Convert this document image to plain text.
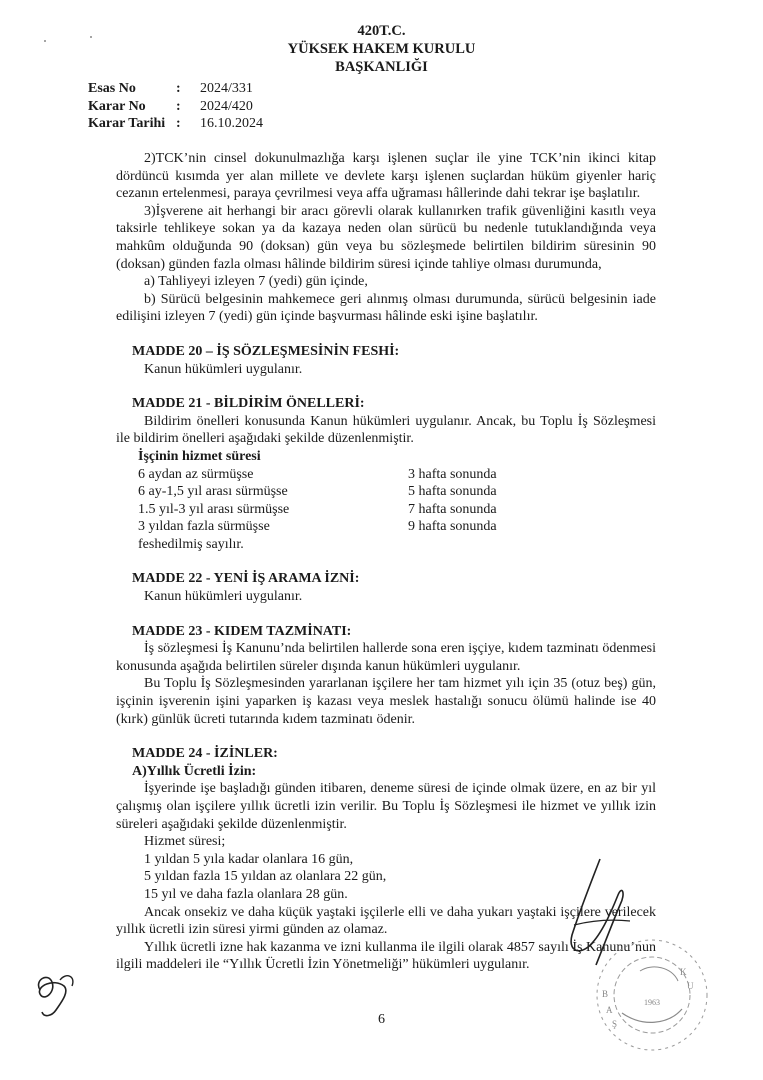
420T.C.
YÜKSEK HAKEM KURULU
BAŞKANLIĞI
Esas No	:	2024/331
Karar No	:	2024/420
Karar Tarihi :	16.10.2024

2)TCK’nin cinsel dokunulmazlığa karşı işlenen suçlar ile yine TCK’nin ikinci kitap dördüncü kısımda yer alan millete ve devlete karşı işlenen suçlardan hüküm giyenler hariç cezanın ertelenmesi, paraya çevrilmesi veya affa uğraması hâllerinde dahi tekrar işe başlatılır.

3)İşverene ait herhangi bir aracı görevli olarak kullanırken trafik güvenliğini kasıtlı veya taksirle tehlikeye sokan ya da kazaya neden olan sürücü bu nedenle tutuklandığında veya mahkûm olduğunda 90 (doksan) gün veya bu sözleşmede belirtilen bildirim süresinin 90 (doksan) günden fazla olması hâlinde bildirim süresi içinde tahliye olması durumunda,

a) Tahliyeyi izleyen 7 (yedi) gün içinde,

b) Sürücü belgesinin mahkemece geri alınmış olması durumunda, sürücü belgesinin iade edilişini izleyen 7 (yedi) gün içinde başvurması hâlinde eski işine başlatılır.

MADDE 20 – İŞ SÖZLEŞMESİNİN FESHİ:

Kanun hükümleri uygulanır.

MADDE 21 - BİLDİRİM ÖNELLERİ:

Bildirim önelleri konusunda Kanun hükümleri uygulanır. Ancak, bu Toplu İş Sözleşmesi ile bildirim önelleri aşağıdaki şekilde düzenlenmiştir.

İşçinin hizmet süresi
6 aydan az sürmüşse	3 hafta sonunda
6 ay-1,5 yıl arası sürmüşse	5 hafta sonunda
1.5 yıl-3 yıl arası sürmüşse	7 hafta sonunda
3 yıldan fazla sürmüşse	9 hafta sonunda
feshedilmiş sayılır.

MADDE 22 - YENİ İŞ ARAMA İZNİ:

Kanun hükümleri uygulanır.

MADDE 23 - KIDEM TAZMİNATI:

İş sözleşmesi İş Kanunu’nda belirtilen hallerde sona eren işçiye, kıdem tazminatı ödenmesi konusunda aşağıda belirtilen süreler dışında kanun hükümleri uygulanır.

Bu Toplu İş Sözleşmesinden yararlanan işçilere her tam hizmet yılı için 35 (otuz beş) gün, işçinin işverenin işini yaparken iş kazası veya meslek hastalığı sonucu ölümü halinde ise 40 (kırk) günlük ücreti tutarında kıdem tazminatı ödenir.

MADDE 24 - İZİNLER:

A)Yıllık Ücretli İzin:

İşyerinde işe başladığı günden itibaren, deneme süresi de içinde olmak üzere, en az bir yıl çalışmış olan işçilere yıllık ücretli izin verilir. Bu Toplu İş Sözleşmesi ile hizmet ve yıllık izin süreleri aşağıdaki şekilde düzenlenmiştir.

Hizmet süresi;

1 yıldan 5 yıla kadar olanlara 16 gün,

5 yıldan fazla 15 yıldan az olanlara 22 gün,

15 yıl ve daha fazla olanlara 28 gün.

Ancak onsekiz ve daha küçük yaştaki işçilerle elli ve daha yukarı yaştaki işçilere verilecek yıllık ücretli izin süresi yirmi günden az olamaz.

Yıllık ücretli izne hak kazanma ve izni kullanma ile ilgili olarak 4857 sayılı İş Kanunu’nun ilgili maddeleri ile “Yıllık Ücretli İzin Yönetmeliği” hükümleri uygulanır.

6
B
A
Ş
K
U
1963
